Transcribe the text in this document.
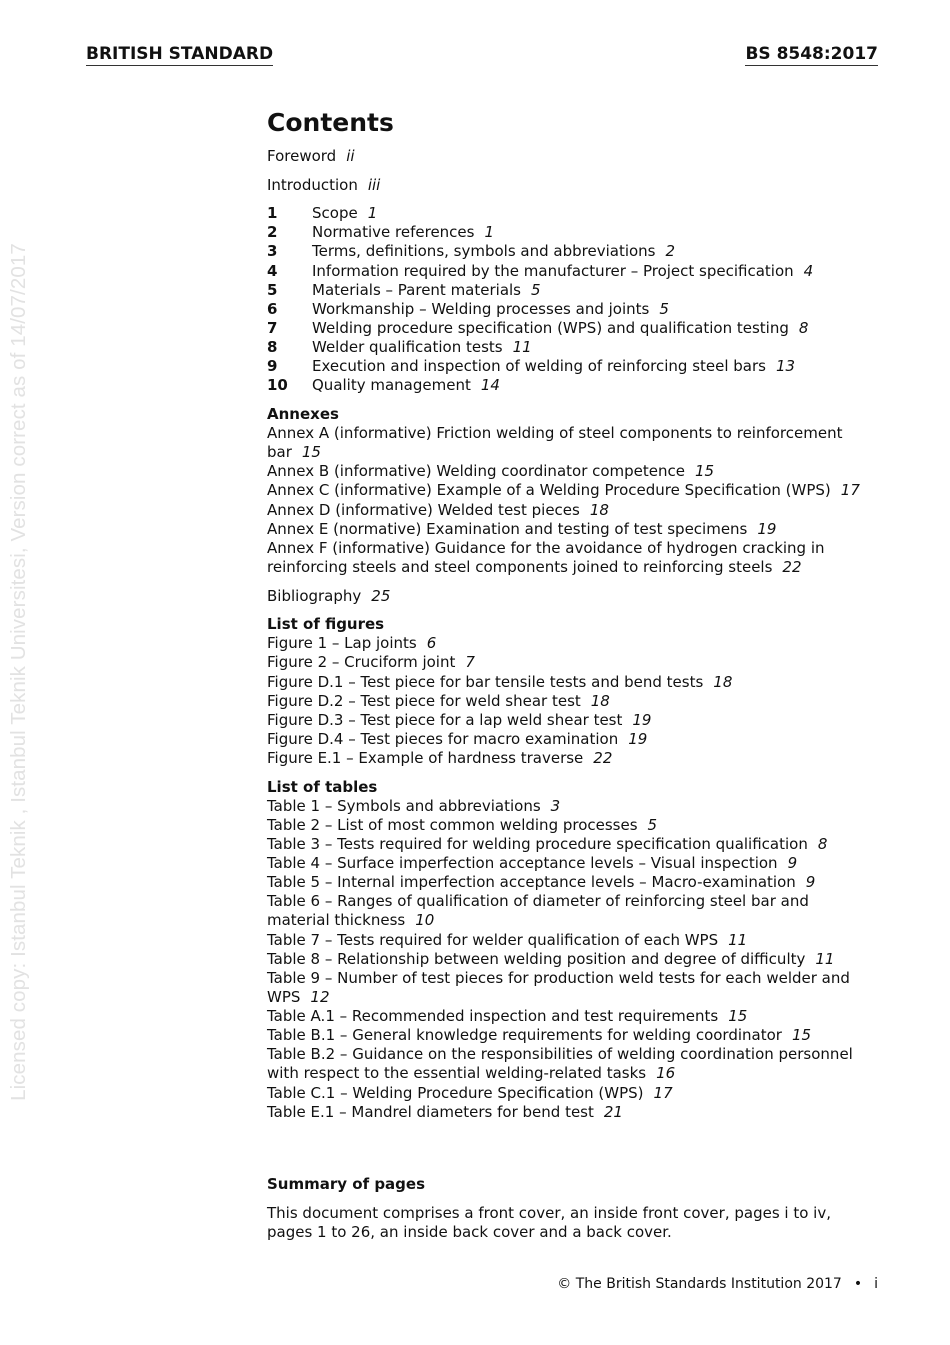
BRITISH STANDARD	BS 8548:2017
Licensed copy: Istanbul Teknik , Istanbul Teknik Universitesi, Version correct as of 14/07/2017
Contents
Foreword ii
Introduction iii
1 Scope 1
2 Normative references 1
3 Terms, definitions, symbols and abbreviations 2
4 Information required by the manufacturer – Project specification 4
5 Materials – Parent materials 5
6 Workmanship – Welding processes and joints 5
7 Welding procedure specification (WPS) and qualification testing 8
8 Welder qualification tests 11
9 Execution and inspection of welding of reinforcing steel bars 13
10 Quality management 14
Annexes
Annex A (informative) Friction welding of steel components to reinforcement bar 15
Annex B (informative) Welding coordinator competence 15
Annex C (informative) Example of a Welding Procedure Specification (WPS) 17
Annex D (informative) Welded test pieces 18
Annex E (normative) Examination and testing of test specimens 19
Annex F (informative) Guidance for the avoidance of hydrogen cracking in reinforcing steels and steel components joined to reinforcing steels 22
Bibliography 25
List of figures
Figure 1 – Lap joints 6
Figure 2 – Cruciform joint 7
Figure D.1 – Test piece for bar tensile tests and bend tests 18
Figure D.2 – Test piece for weld shear test 18
Figure D.3 – Test piece for a lap weld shear test 19
Figure D.4 – Test pieces for macro examination 19
Figure E.1 – Example of hardness traverse 22
List of tables
Table 1 – Symbols and abbreviations 3
Table 2 – List of most common welding processes 5
Table 3 – Tests required for welding procedure specification qualification 8
Table 4 – Surface imperfection acceptance levels – Visual inspection 9
Table 5 – Internal imperfection acceptance levels – Macro-examination 9
Table 6 – Ranges of qualification of diameter of reinforcing steel bar and material thickness 10
Table 7 – Tests required for welder qualification of each WPS 11
Table 8 – Relationship between welding position and degree of difficulty 11
Table 9 – Number of test pieces for production weld tests for each welder and WPS 12
Table A.1 – Recommended inspection and test requirements 15
Table B.1 – General knowledge requirements for welding coordinator 15
Table B.2 – Guidance on the responsibilities of welding coordination personnel with respect to the essential welding-related tasks 16
Table C.1 – Welding Procedure Specification (WPS) 17
Table E.1 – Mandrel diameters for bend test 21
Summary of pages
This document comprises a front cover, an inside front cover, pages i to iv, pages 1 to 26, an inside back cover and a back cover.
© The British Standards Institution 2017 • i
